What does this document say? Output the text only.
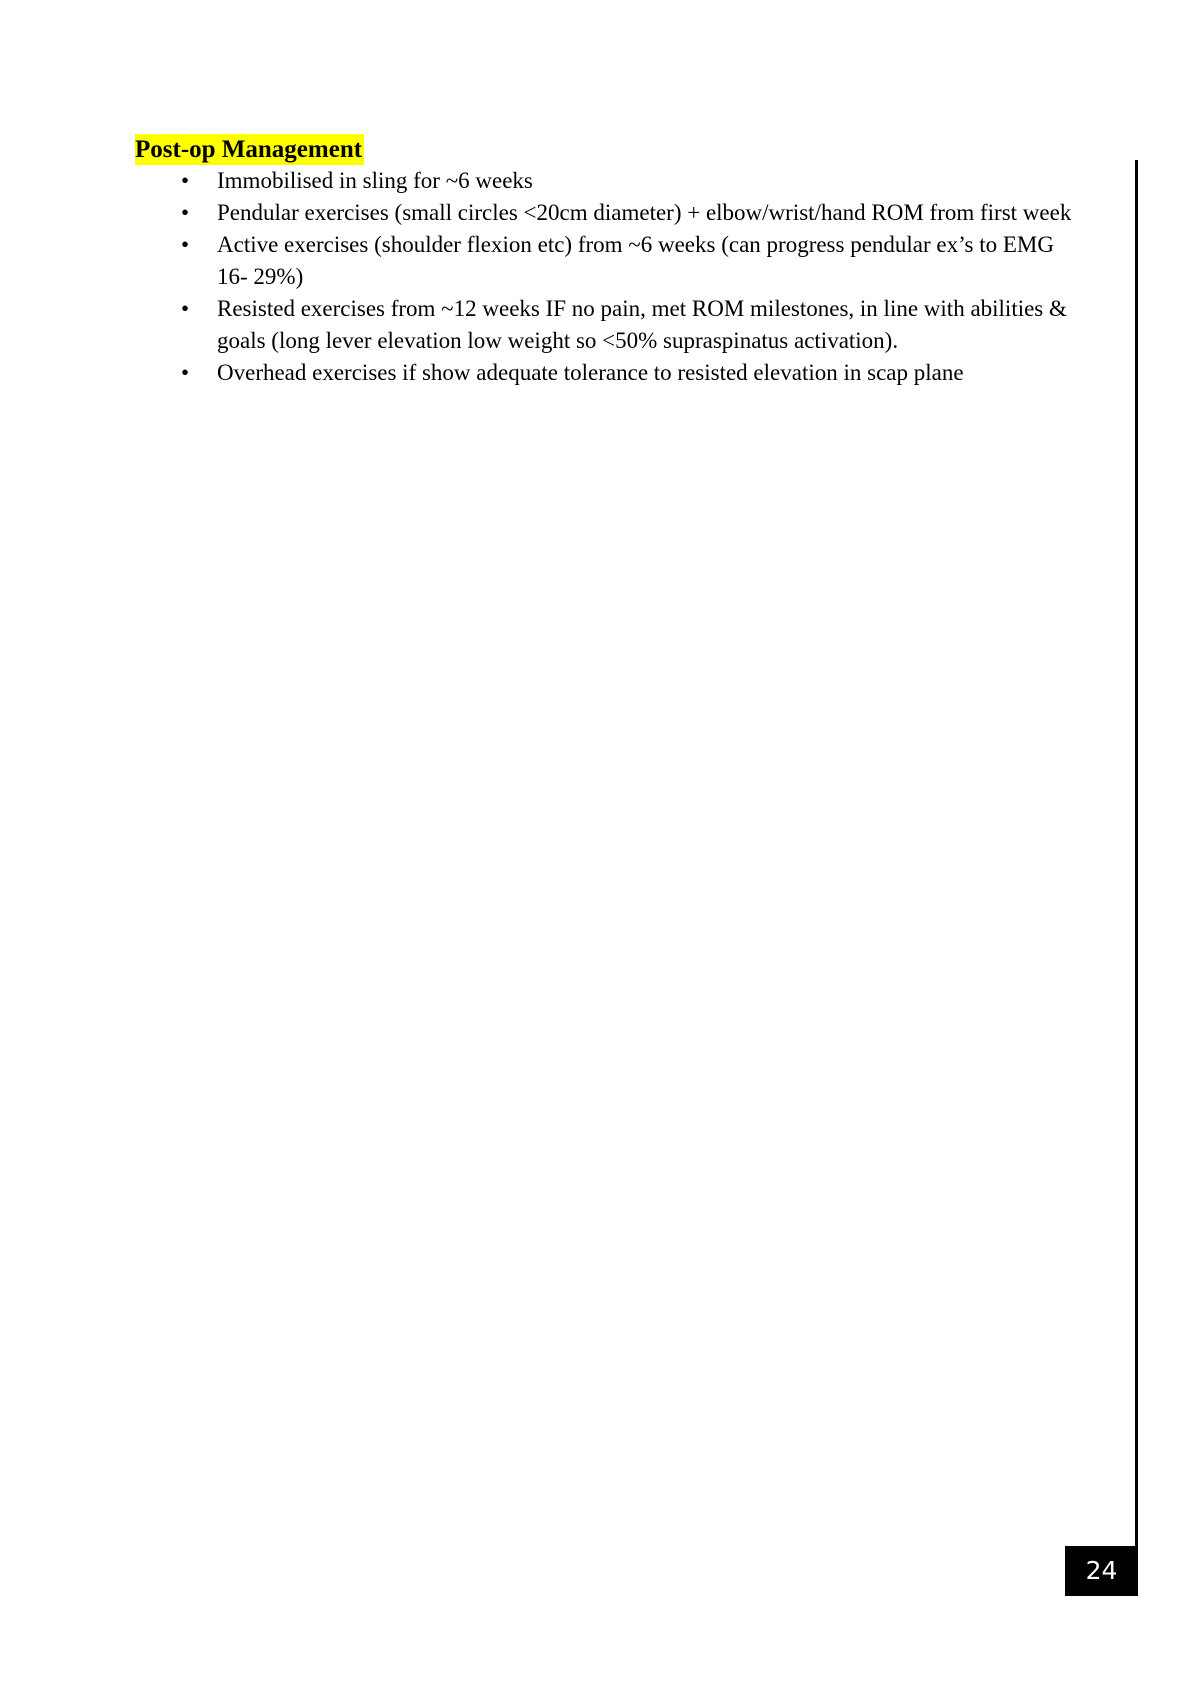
Post-op Management
• Immobilised in sling for ~6 weeks
• Pendular exercises (small circles <20cm diameter) + elbow/wrist/hand ROM from first week
• Active exercises (shoulder flexion etc) from ~6 weeks (can progress pendular ex’s to EMG 16- 29%)
• Resisted exercises from ~12 weeks IF no pain, met ROM milestones, in line with abilities & goals (long lever elevation low weight so <50% supraspinatus activation).
• Overhead exercises if show adequate tolerance to resisted elevation in scap plane
24
